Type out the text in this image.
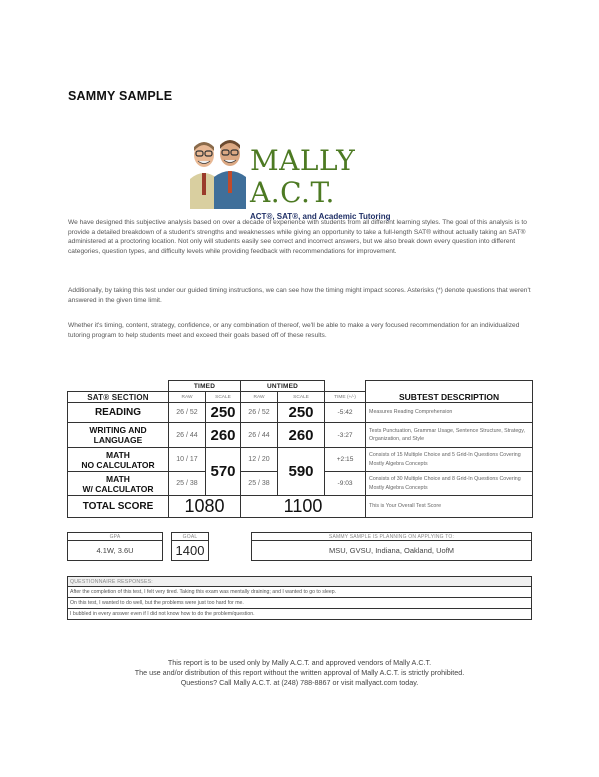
SAMMY SAMPLE
MALLY A.C.T.
ACT®, SAT®, and Academic Tutoring

We have designed this subjective analysis based on over a decade of experience with students from all different learning styles. The goal of this analysis is to provide a detailed breakdown of a student's strengths and weaknesses while giving an opportunity to take a full-length SAT® without actually taking an SAT® administered at a proctoring location. Not only will students easily see correct and incorrect answers, but we also break down every question into different categories, question types, and difficulty levels while providing feedback with recommendations for improvement.

Additionally, by taking this test under our guided timing instructions, we can see how the timing might impact scores. Asterisks (*) denote questions that weren't answered in the given time limit.

Whether it's timing, content, strategy, confidence, or any combination of thereof, we'll be able to make a very focused recommendation for an individualized tutoring program to help students meet and exceed their goals based off of these results.

	TIMED		UNTIMED			SUBTEST DESCRIPTION
SAT® SECTION	RAW	SCALE	RAW	SCALE	TIME (+/-)	
READING	26 / 52	250	26 / 52	250	-5:42	Measures Reading Comprehension
WRITING AND
LANGUAGE	26 / 44	260	26 / 44	260	-3:27	Tests Punctuation, Grammar Usage, Sentence Structure, Strategy, Organization, and Style
MATH
NO CALCULATOR	10 / 17	570	12 / 20	590	+2:15	Consists of 15 Multiple Choice and 5 Grid-In Questions Covering Mostly Algebra Concepts
MATH
W/ CALCULATOR	25 / 38		25 / 38		-9:03	Consists of 30 Multiple Choice and 8 Grid-In Questions Covering Mostly Algebra Concepts
TOTAL SCORE	1080		1100			This is Your Overall Test Score
GPA
4.1W, 3.6U
GOAL
1400
SAMMY SAMPLE IS PLANNING ON APPLYING TO:
MSU, GVSU, Indiana, Oakland, UofM
QUESTIONNAIRE RESPONSES:
After the completion of this test, I felt very tired. Taking this exam was mentally draining; and I wanted to go to sleep.
On this test, I wanted to do well, but the problems were just too hard for me.
I bubbled in every answer even if I did not know how to do the problem/question.
This report is to be used only by Mally A.C.T. and approved vendors of Mally A.C.T.
The use and/or distribution of this report without the written approval of Mally A.C.T. is strictly prohibited.
Questions? Call Mally A.C.T. at (248) 788-8867 or visit mallyact.com today.
